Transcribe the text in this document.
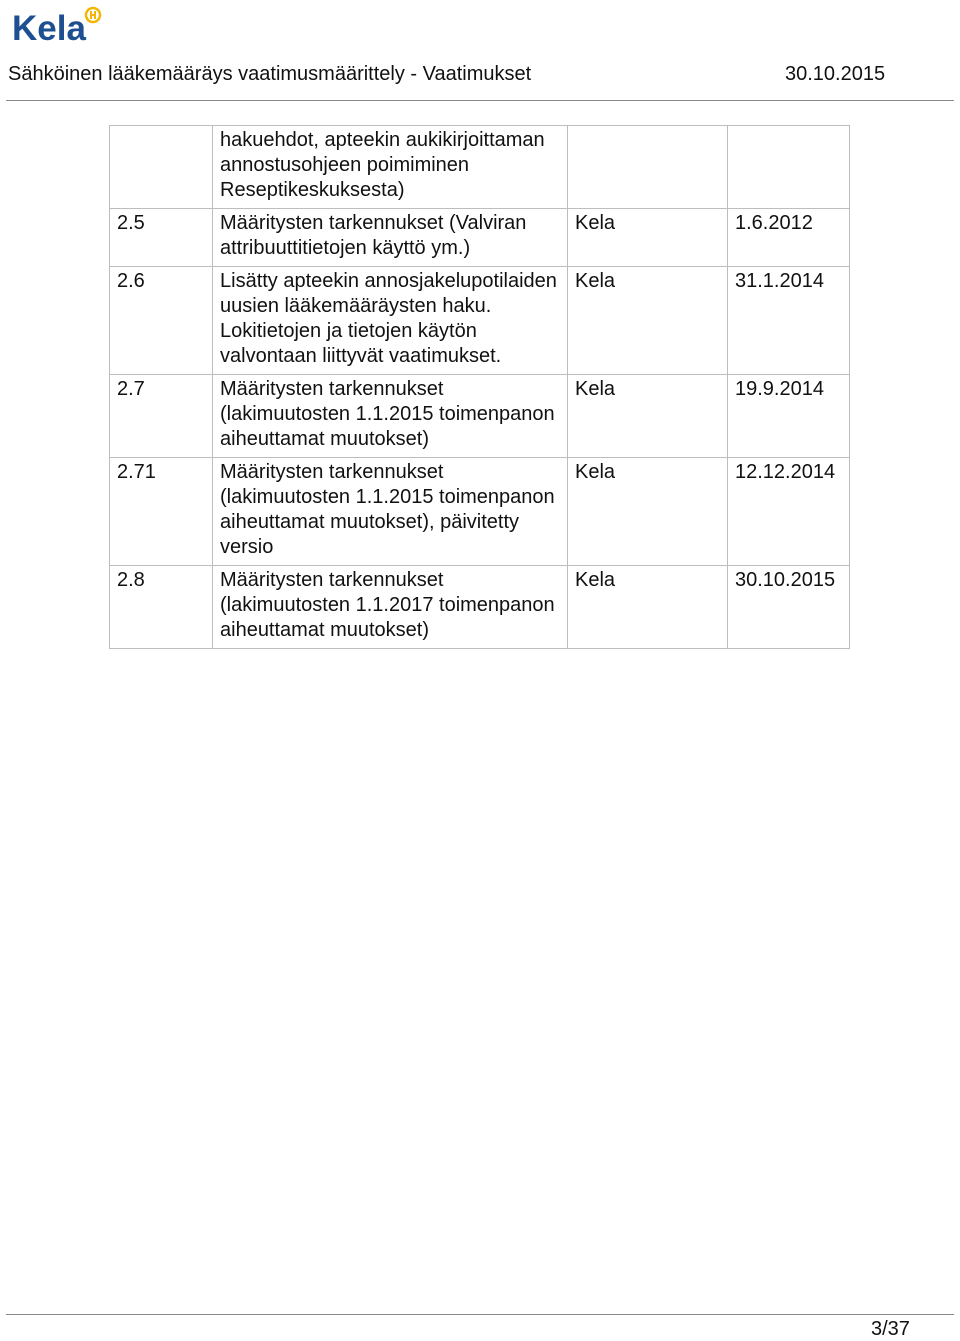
Kela
Sähköinen lääkemääräys vaatimusmäärittely - Vaatimukset	30.10.2015
	hakuehdot, apteekin aukikirjoittaman annostusohjeen poimiminen Reseptikeskuksesta)		
2.5	Määritysten tarkennukset (Valviran attribuuttitietojen käyttö ym.)	Kela	1.6.2012
2.6	Lisätty apteekin annosjakelupotilaiden uusien lääkemääräysten haku. Lokitietojen ja tietojen käytön valvontaan liittyvät vaatimukset.	Kela	31.1.2014
2.7	Määritysten tarkennukset (lakimuutosten 1.1.2015 toimenpanon aiheuttamat muutokset)	Kela	19.9.2014
2.71	Määritysten tarkennukset (lakimuutosten 1.1.2015 toimenpanon aiheuttamat muutokset), päivitetty versio	Kela	12.12.2014
2.8	Määritysten tarkennukset (lakimuutosten 1.1.2017 toimenpanon aiheuttamat muutokset)	Kela	30.10.2015
3/37
